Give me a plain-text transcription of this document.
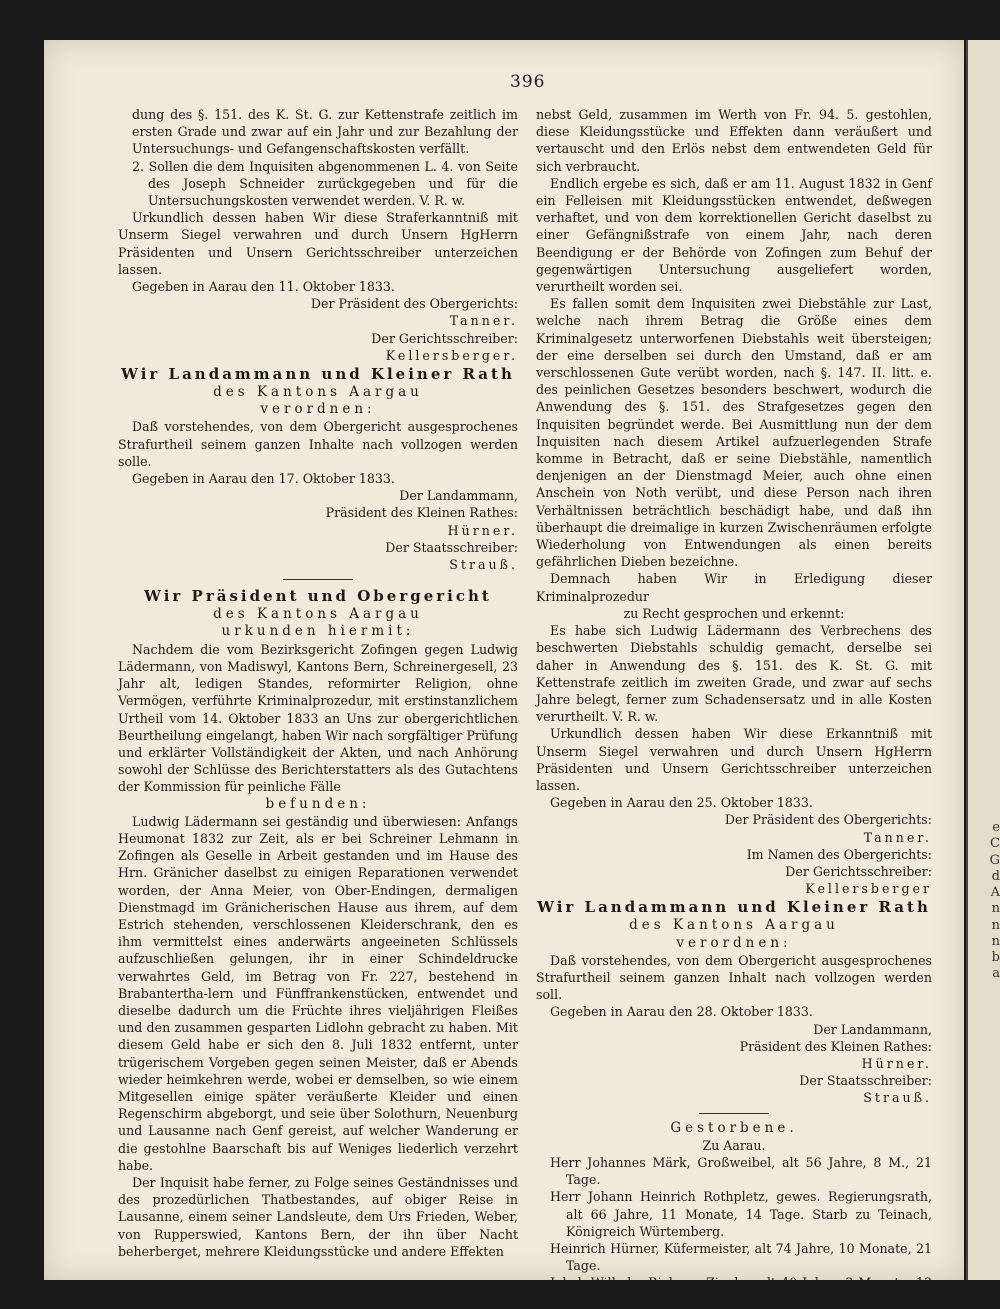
e
C
G
d
A
n
n
n
b
a
396

dung des §. 151. des K. St. G. zur Kettenstrafe zeitlich im ersten Grade und zwar auf ein Jahr und zur Bezahlung der Untersuchungs- und Gefangenschaftskosten verfällt.

2. Sollen die dem Inquisiten abgenommenen L. 4. von Seite des Joseph Schneider zurückgegeben und für die Untersuchungskosten verwendet werden. V. R. w.

Urkundlich dessen haben Wir diese Straferkanntniß mit Unserm Siegel verwahren und durch Unsern HgHerrn Präsidenten und Unsern Gerichtsschreiber unterzeichen lassen.

Gegeben in Aarau den 11. Oktober 1833.

Der Präsident des Obergerichts:

Tanner.

Der Gerichtsschreiber:

Kellersberger.

Wir Landammann und Kleiner Rath

des Kantons Aargau

verordnen:

Daß vorstehendes, von dem Obergericht ausgesprochenes Strafurtheil seinem ganzen Inhalte nach vollzogen werden solle.

Gegeben in Aarau den 17. Oktober 1833.

Der Landammann,

Präsident des Kleinen Rathes:

Hürner.

Der Staatsschreiber:

Strauß.

Wir Präsident und Obergericht

des Kantons Aargau

urkunden hiermit:

Nachdem die vom Bezirksgericht Zofingen gegen Ludwig Lädermann, von Madiswyl, Kantons Bern, Schreinergesell, 23 Jahr alt, ledigen Standes, reformirter Religion, ohne Vermögen, verführte Kriminalprozedur, mit erstinstanzlichem Urtheil vom 14. Oktober 1833 an Uns zur obergerichtlichen Beurtheilung eingelangt, haben Wir nach sorgfältiger Prüfung und erklärter Vollständigkeit der Akten, und nach Anhörung sowohl der Schlüsse des Berichterstatters als des Gutachtens der Kommission für peinliche Fälle

befunden:

Ludwig Lädermann sei geständig und überwiesen: Anfangs Heumonat 1832 zur Zeit, als er bei Schreiner Lehmann in Zofingen als Geselle in Arbeit gestanden und im Hause des Hrn. Gränicher daselbst zu einigen Reparationen verwendet worden, der Anna Meier, von Ober-Endingen, dermaligen Dienstmagd im Gränicherischen Hause aus ihrem, auf dem Estrich stehenden, verschlossenen Kleiderschrank, den es ihm vermittelst eines anderwärts angeeineten Schlüssels aufzuschließen gelungen, ihr in einer Schindeldrucke verwahrtes Geld, im Betrag von Fr. 227, bestehend in Brabantertha-lern und Fünffrankenstücken, entwendet und dieselbe dadurch um die Früchte ihres vieljährigen Fleißes und den zusammen gesparten Lidlohn gebracht zu haben. Mit diesem Geld habe er sich den 8. Juli 1832 entfernt, unter trügerischem Vorgeben gegen seinen Meister, daß er Abends wieder heimkehren werde, wobei er demselben, so wie einem Mitgesellen einige später veräußerte Kleider und einen Regenschirm abgeborgt, und seie über Solothurn, Neuenburg und Lausanne nach Genf gereist, auf welcher Wanderung er die gestohlne Baarschaft bis auf Weniges liederlich verzehrt habe.

Der Inquisit habe ferner, zu Folge seines Geständnisses und des prozedürlichen Thatbestandes, auf obiger Reise in Lausanne, einem seiner Landsleute, dem Urs Frieden, Weber, von Rupperswied, Kantons Bern, der ihn über Nacht beherberget, mehrere Kleidungsstücke und andere Effekten

nebst Geld, zusammen im Werth von Fr. 94. 5. gestohlen, diese Kleidungsstücke und Effekten dann veräußert und vertauscht und den Erlös nebst dem entwendeten Geld für sich verbraucht.

Endlich ergebe es sich, daß er am 11. August 1832 in Genf ein Felleisen mit Kleidungsstücken entwendet, deßwegen verhaftet, und von dem korrektionellen Gericht daselbst zu einer Gefängnißstrafe von einem Jahr, nach deren Beendigung er der Behörde von Zofingen zum Behuf der gegenwärtigen Untersuchung ausgeliefert worden, verurtheilt worden sei.

Es fallen somit dem Inquisiten zwei Diebstähle zur Last, welche nach ihrem Betrag die Größe eines dem Kriminalgesetz unterworfenen Diebstahls weit übersteigen; der eine derselben sei durch den Umstand, daß er am verschlossenen Gute verübt worden, nach §. 147. II. litt. e. des peinlichen Gesetzes besonders beschwert, wodurch die Anwendung des §. 151. des Strafgesetzes gegen den Inquisiten begründet werde. Bei Ausmittlung nun der dem Inquisiten nach diesem Artikel aufzuerlegenden Strafe komme in Betracht, daß er seine Diebstähle, namentlich denjenigen an der Dienstmagd Meier, auch ohne einen Anschein von Noth verübt, und diese Person nach ihren Verhältnissen beträchtlich beschädigt habe, und daß ihn überhaupt die dreimalige in kurzen Zwischenräumen erfolgte Wiederholung von Entwendungen als einen bereits gefährlichen Dieben bezeichne.

Demnach haben Wir in Erledigung dieser Kriminalprozedur

zu Recht gesprochen und erkennt:

Es habe sich Ludwig Lädermann des Verbrechens des beschwerten Diebstahls schuldig gemacht, derselbe sei daher in Anwendung des §. 151. des K. St. G. mit Kettenstrafe zeitlich im zweiten Grade, und zwar auf sechs Jahre belegt, ferner zum Schadensersatz und in alle Kosten verurtheilt. V. R. w.

Urkundlich dessen haben Wir diese Erkanntniß mit Unserm Siegel verwahren und durch Unsern HgHerrn Präsidenten und Unsern Gerichtsschreiber unterzeichen lassen.

Gegeben in Aarau den 25. Oktober 1833.

Der Präsident des Obergerichts:

Tanner.

Im Namen des Obergerichts:

Der Gerichtsschreiber:

Kellersberger

Wir Landammann und Kleiner Rath

des Kantons Aargau

verordnen:

Daß vorstehendes, von dem Obergericht ausgesprochenes Strafurtheil seinem ganzen Inhalt nach vollzogen werden soll.

Gegeben in Aarau den 28. Oktober 1833.

Der Landammann,

Präsident des Kleinen Rathes:

Hürner.

Der Staatsschreiber:

Strauß.

Gestorbene.

Zu Aarau.

Herr Johannes Märk, Großweibel, alt 56 Jahre, 8 M., 21 Tage.

Herr Johann Heinrich Rothpletz, gewes. Regierungsrath, alt 66 Jahre, 11 Monate, 14 Tage. Starb zu Teinach, Königreich Würtemberg.

Heinrich Hürner, Küfermeister, alt 74 Jahre, 10 Monate, 21 Tage.

Jakob Wilhelm Richner, Ziegler, alt 40 Jahre, 3 Monate, 13 Tage.
